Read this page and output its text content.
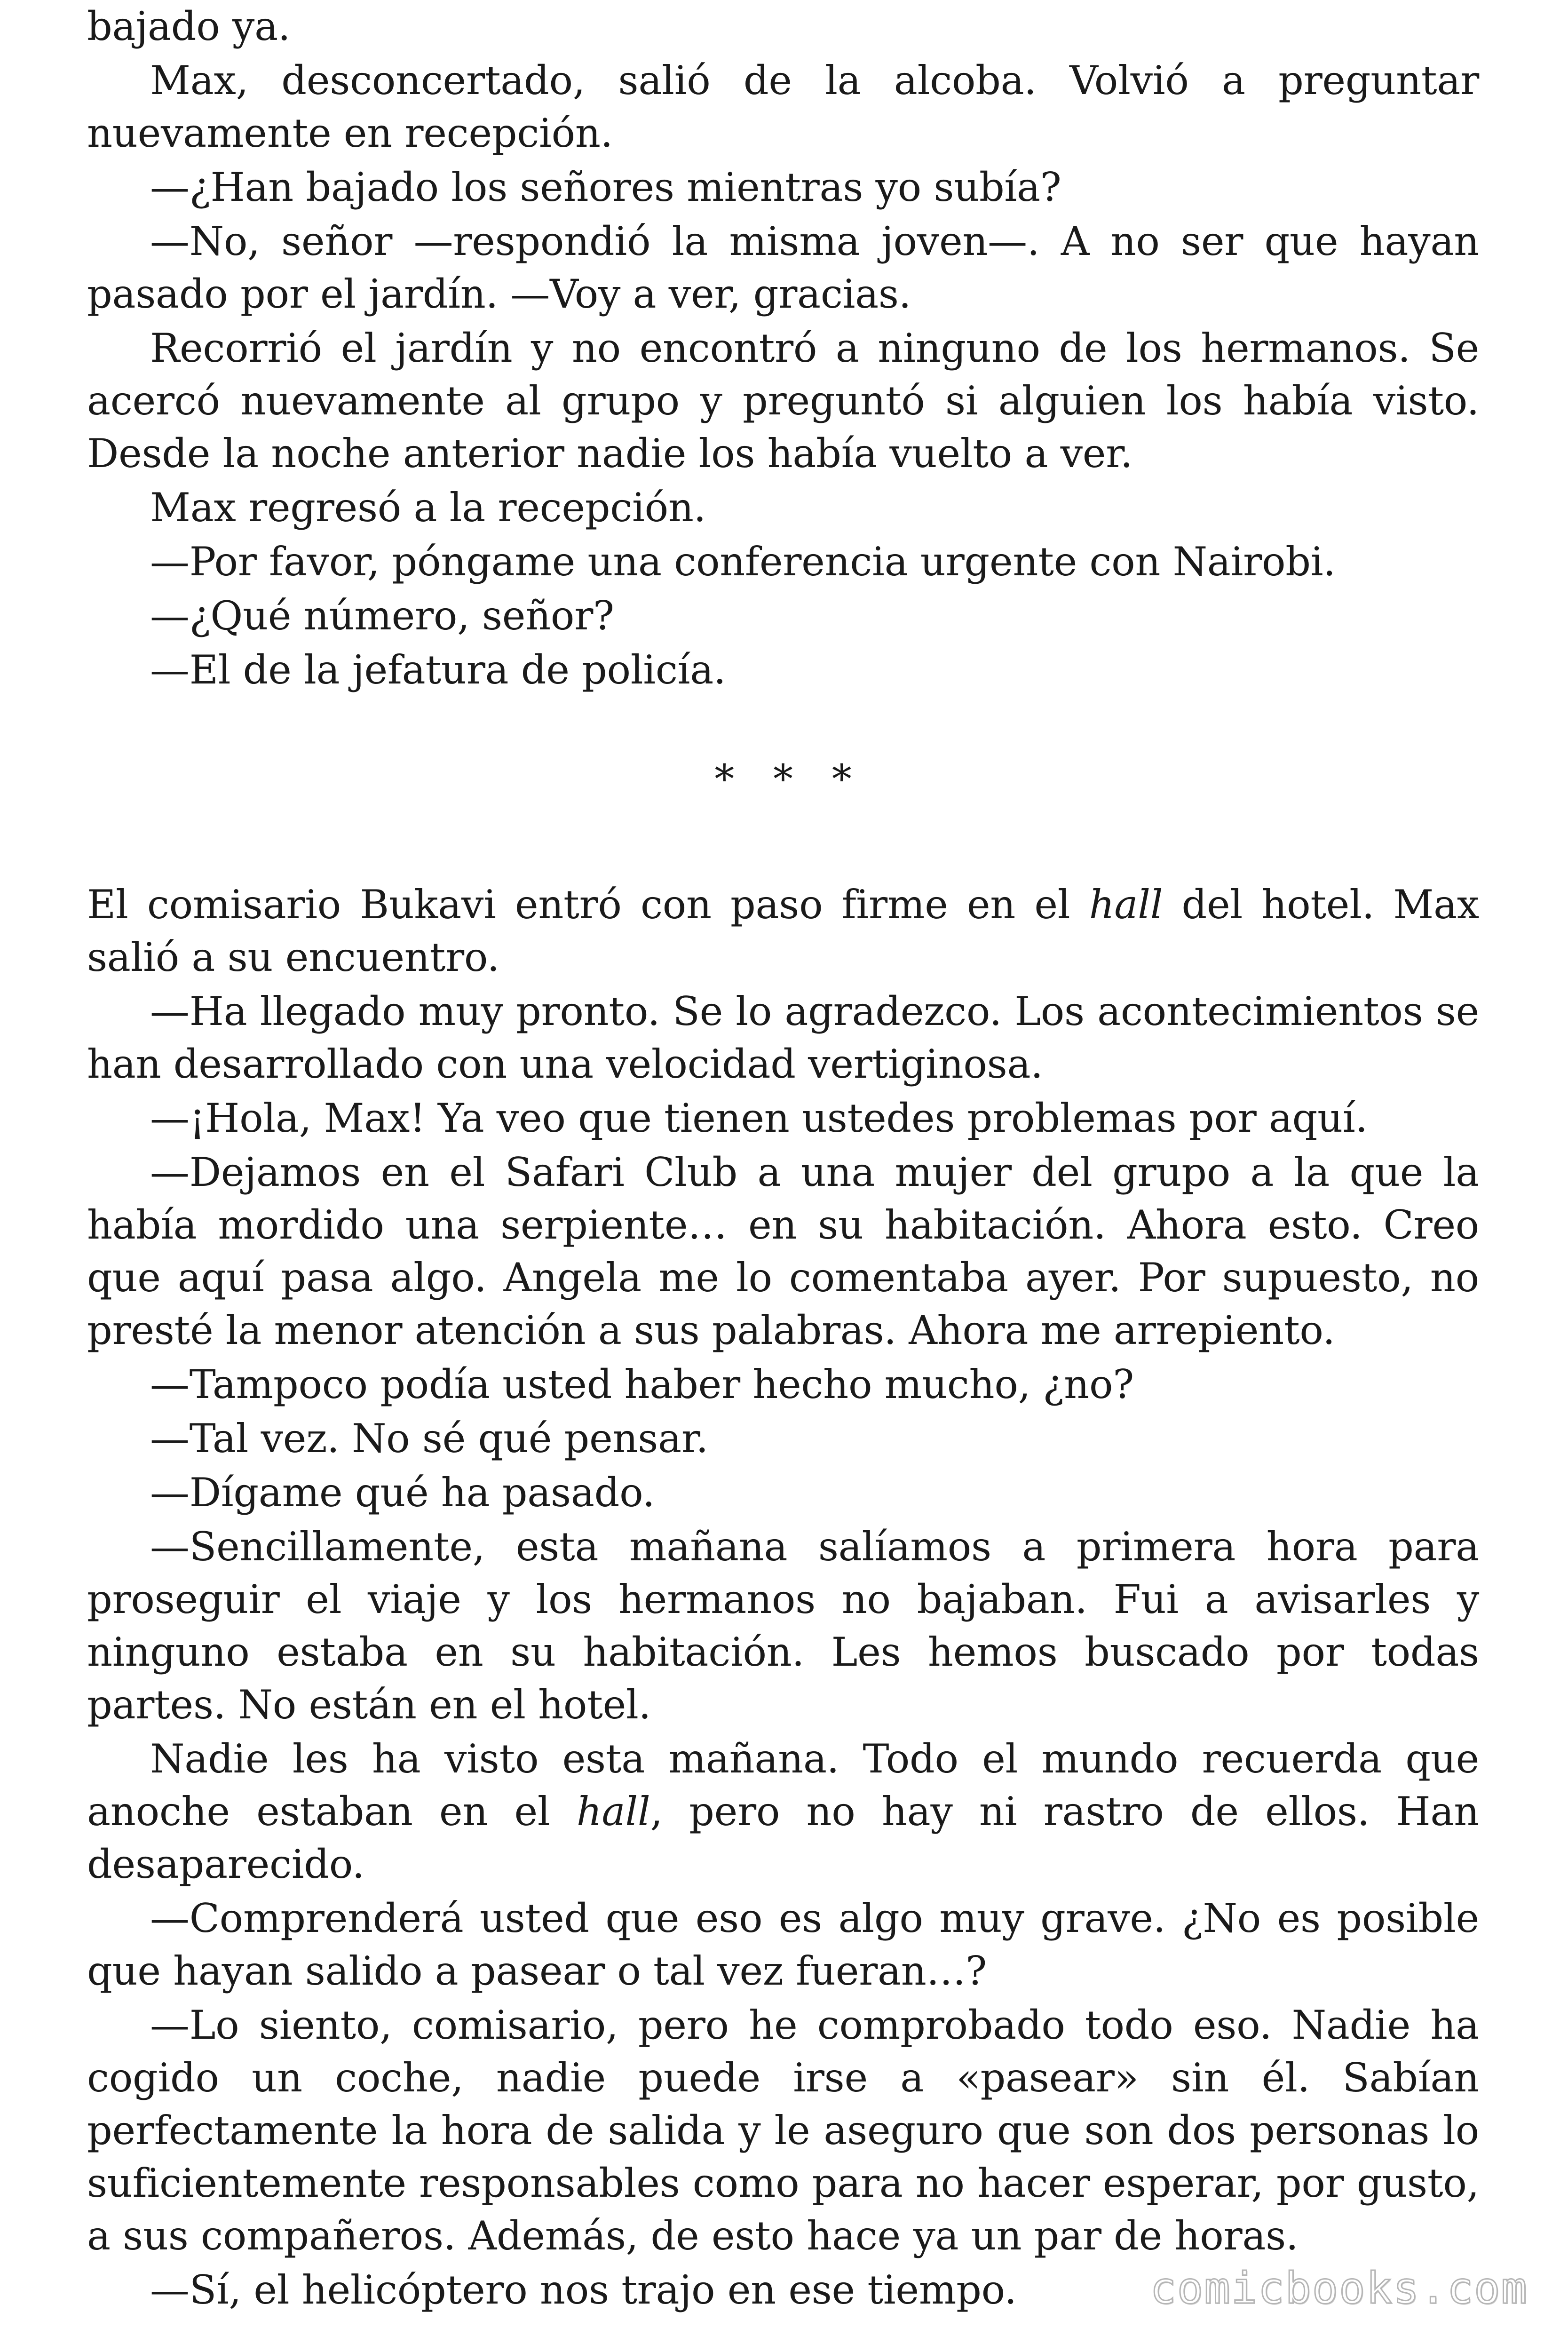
bajado ya.

Max, desconcertado, salió de la alcoba. Volvió a preguntar nuevamente en recepción.

—¿Han bajado los señores mientras yo subía?

—No, señor —respondió la misma joven—. A no ser que hayan pasado por el jardín. —Voy a ver, gracias.

Recorrió el jardín y no encontró a ninguno de los hermanos. Se acercó nuevamente al grupo y preguntó si alguien los había visto. Desde la noche anterior nadie los había vuelto a ver.

Max regresó a la recepción.

—Por favor, póngame una conferencia urgente con Nairobi.

—¿Qué número, señor?

—El de la jefatura de policía.

* * *

El comisario Bukavi entró con paso firme en el hall del hotel. Max salió a su encuentro.

—Ha llegado muy pronto. Se lo agradezco. Los acontecimientos se han desarrollado con una velocidad vertiginosa.

—¡Hola, Max! Ya veo que tienen ustedes problemas por aquí.

—Dejamos en el Safari Club a una mujer del grupo a la que la había mordido una serpiente… en su habitación. Ahora esto. Creo que aquí pasa algo. Angela me lo comentaba ayer. Por supuesto, no presté la menor atención a sus palabras. Ahora me arrepiento.

—Tampoco podía usted haber hecho mucho, ¿no?

—Tal vez. No sé qué pensar.

—Dígame qué ha pasado.

—Sencillamente, esta mañana salíamos a primera hora para proseguir el viaje y los hermanos no bajaban. Fui a avisarles y ninguno estaba en su habitación. Les hemos buscado por todas partes. No están en el hotel.

Nadie les ha visto esta mañana. Todo el mundo recuerda que anoche estaban en el hall, pero no hay ni rastro de ellos. Han desaparecido.

—Comprenderá usted que eso es algo muy grave. ¿No es posible que hayan salido a pasear o tal vez fueran…?

—Lo siento, comisario, pero he comprobado todo eso. Nadie ha cogido un coche, nadie puede irse a «pasear» sin él. Sabían perfectamente la hora de salida y le aseguro que son dos personas lo suficientemente responsables como para no hacer esperar, por gusto, a sus compañeros. Además, de esto hace ya un par de horas.

—Sí, el helicóptero nos trajo en ese tiempo.	comicbooks.com
